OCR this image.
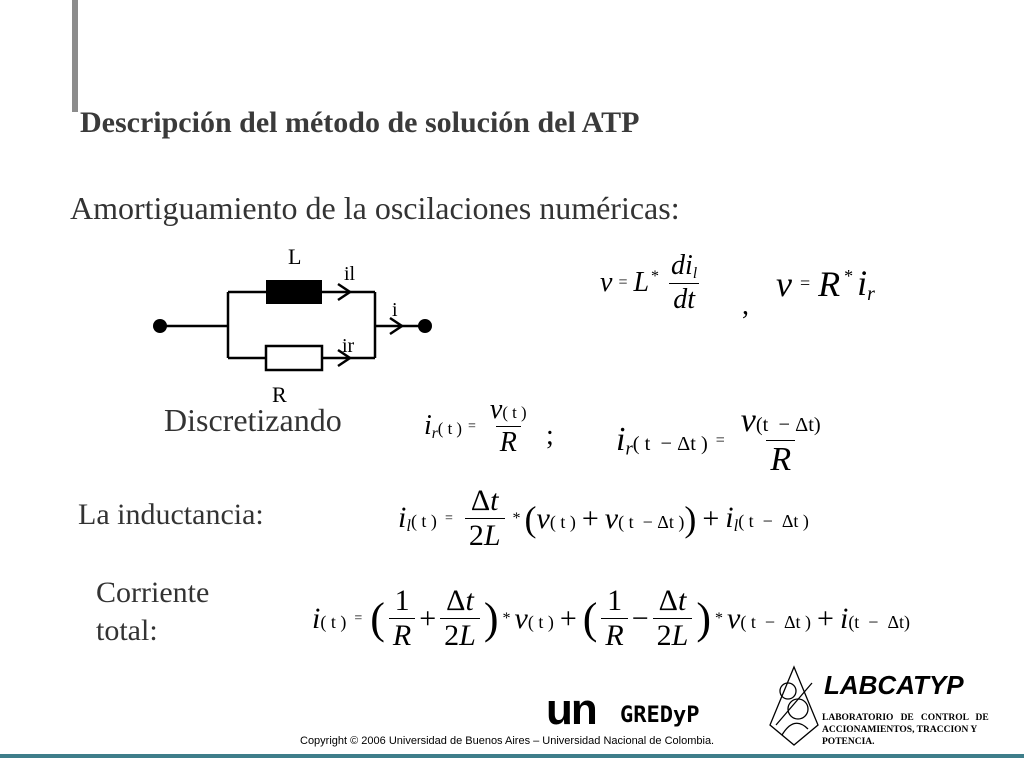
Descripción del método de solución del ATP
Amortiguamiento de la oscilaciones numéricas:
L
R
il
ir
i
$v = L * \frac{di_l}{dt}$ ,
$v = R * i_r$
Discretizando	$i_r$( t ) = $\frac{v( t )}{R}$ ; $i_r$( t  − Δt ) = $\frac{v(t - \Delta t)}{R}$
La inductancia:	$i_l$( t ) = $\frac{\Delta t}{2L}$ * ( v( t ) + v( t  − Δt ) ) + $i_l$( t  −  Δt )
Corriente
total:	i( t ) = ( $\frac{1}{R} + \frac{\Delta t}{2L}$ ) * v( t ) + ( $\frac{1}{R} - \frac{\Delta t}{2L}$ ) * v( t  −  Δt ) + i(t  −  Δt)
un GREDyP
LABCATYP
LABORATORIO   DE   CONTROL   DE
ACCIONAMIENTOS, TRACCION Y POTENCIA.
Copyright © 2006 Universidad de Buenos Aires – Universidad Nacional de Colombia.
